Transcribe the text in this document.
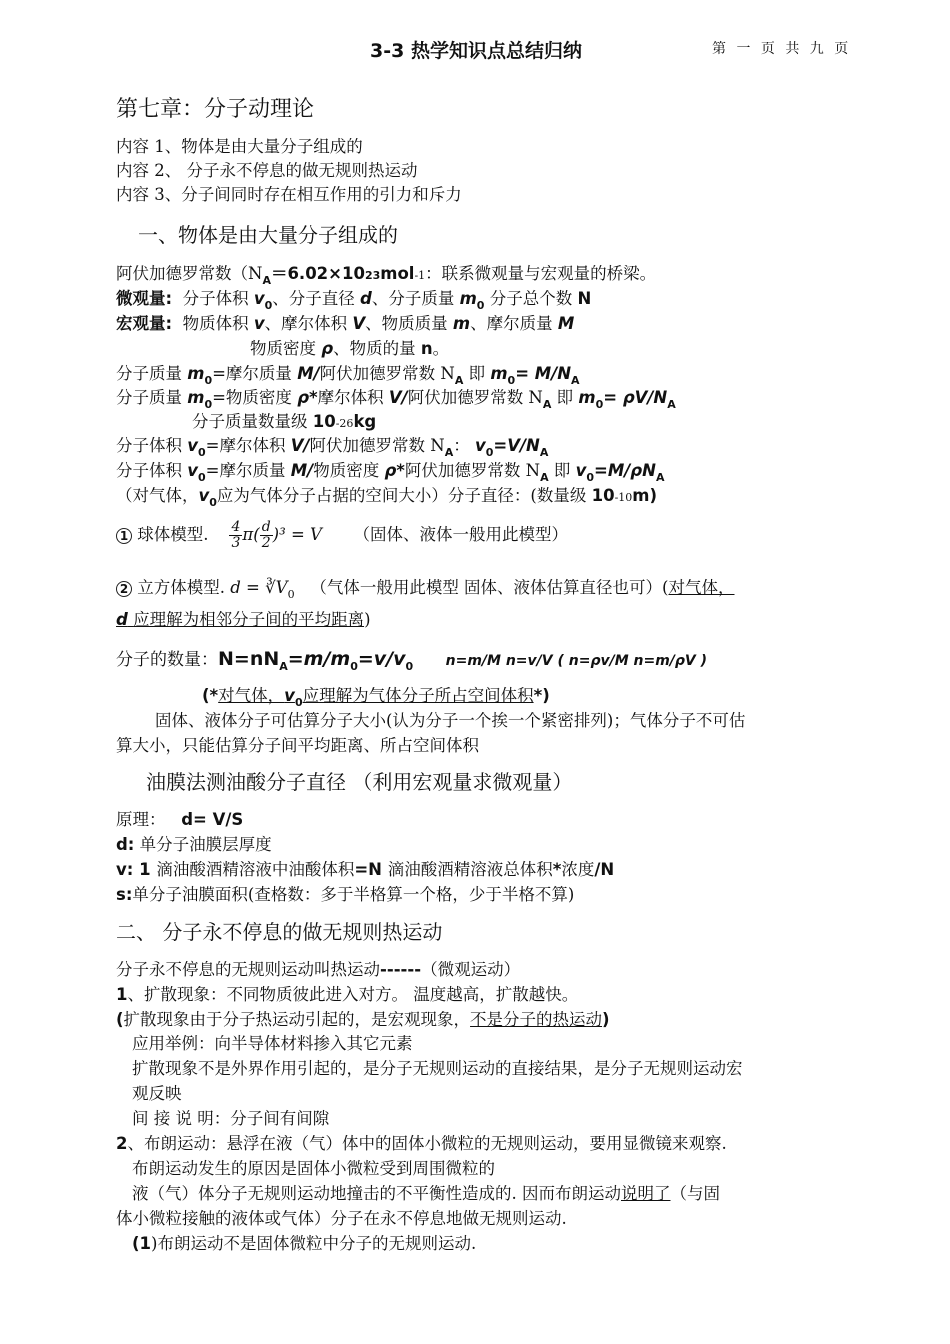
3-3 热学知识点总结归纳	第 一 页 共 九 页
第七章：分子动理论
内容 1、物体是由大量分子组成的
内容 2、 分子永不停息的做无规则热运动
内容 3、分子间同时存在相互作用的引力和斥力
一、物体是由大量分子组成的
阿伏加德罗常数（$N_A=6.02\times 1023mol-1$：联系微观量与宏观量的桥梁。
微观量: 分子体积 $v_0$、分子直径 d、分子质量 $m_0$ 分子总个数 N
宏观量: 物质体积 v、摩尔体积 V、物质质量 m、摩尔质量 M
物质密度 ρ、物质的量 n。
分子质量 $m_0=$摩尔质量 M/阿伏加德罗常数 $N_A$ 即 $m_0= M/N_A$
分子质量 $m_0=$物质密度 ρ*摩尔体积 V/阿伏加德罗常数 $N_A$ 即 $m_0= \rho V/N_A$
分子质量数量级 10-26kg
分子体积 $v_0=$摩尔体积 V/阿伏加德罗常数 $N_A$： $v_0=V/N_A$
分子体积 $v_0=$摩尔质量 M/物质密度 ρ*阿伏加德罗常数 $N_A$ 即 $v_0=M/\rho N_A$
（对气体，$v_0$应为气体分子占据的空间大小）分子直径：(数量级 10-10m)
1 球体模型. $\frac{4}{3} \pi( \frac{d}{2} )^3 = V$ （固体、液体一般用此模型）
2 立方体模型. $d = ∛V_0$ （气体一般用此模型 固体、液体估算直径也可）(对气体，
d 应理解为相邻分子间的平均距离)
分子的数量：$N=nN_A=m/m_0=v/v_0$ n=m/M n=v/V ( n=ρv/M n=m/ρV )
(*对气体，$v_0$应理解为气体分子所占空间体积*)
固体、液体分子可估算分子大小(认为分子一个挨一个紧密排列)；气体分子不可估
算大小，只能估算分子间平均距离、所占空间体积
油膜法测油酸分子直径 （利用宏观量求微观量）
原理： d= V/S
d: 单分子油膜层厚度
v: 1 滴油酸酒精溶液中油酸体积=N 滴油酸酒精溶液总体积*浓度/N
s:单分子油膜面积(查格数：多于半格算一个格，少于半格不算)
二、 分子永不停息的做无规则热运动
分子永不停息的无规则运动叫热运动------（微观运动）
1、扩散现象：不同物质彼此进入对方。 温度越高，扩散越快。
(扩散现象由于分子热运动引起的，是宏观现象，不是分子的热运动)
应用举例：向半导体材料掺入其它元素
扩散现象不是外界作用引起的，是分子无规则运动的直接结果，是分子无规则运动宏
观反映
间 接 说 明：分子间有间隙
2、布朗运动：悬浮在液（气）体中的固体小微粒的无规则运动，要用显微镜来观察.
布朗运动发生的原因是固体小微粒受到周围微粒的
液（气）体分子无规则运动地撞击的不平衡性造成的. 因而布朗运动说明了（与固
体小微粒接触的液体或气体）分子在永不停息地做无规则运动.
(1)布朗运动不是固体微粒中分子的无规则运动.
